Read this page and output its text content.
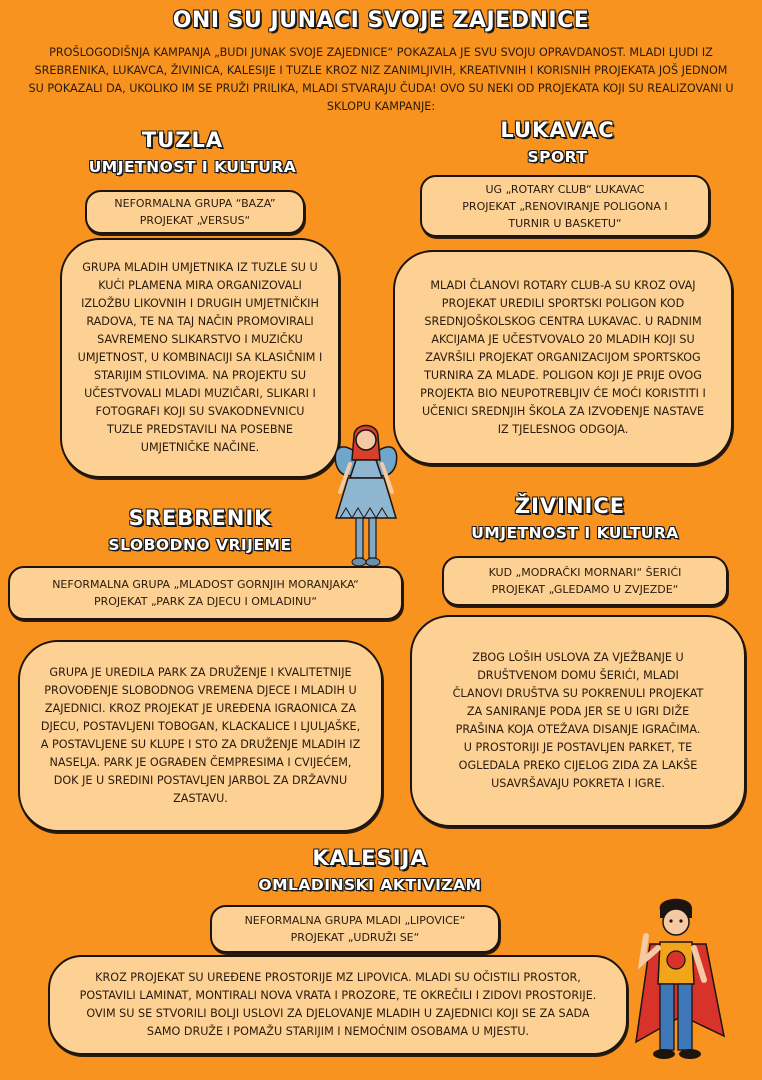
ONI SU JUNACI SVOJE ZAJEDNICE
PROŠLOGODIŠNJA KAMPANJA „BUDI JUNAK SVOJE ZAJEDNICE“ POKAZALA JE SVU SVOJU OPRAVDANOST. MLADI LJUDI IZ SREBRENIKA, LUKAVCA, ŽIVINICA, KALESIJE I TUZLE KROZ NIZ ZANIMLJIVIH, KREATIVNIH I KORISNIH PROJEKATA JOŠ JEDNOM SU POKAZALI DA, UKOLIKO IM SE PRUŽI PRILIKA, MLADI STVARAJU ČUDA! OVO SU NEKI OD PROJEKATA KOJI SU REALIZOVANI U SKLOPU KAMPANJE:
TUZLA
UMJETNOST I KULTURA
NEFORMALNA GRUPA “BAZA”
PROJEKAT „VERSUS“
GRUPA MLADIH UMJETNIKA IZ TUZLE SU U KUĆI PLAMENA MIRA ORGANIZOVALI IZLOŽBU LIKOVNIH I DRUGIH UMJETNIČKIH RADOVA, TE NA TAJ NAČIN PROMOVIRALI SAVREMENO SLIKARSTVO I MUZIČKU UMJETNOST, U KOMBINACIJI SA KLASIČNIM I STARIJIM STILOVIMA. NA PROJEKTU SU UČESTVOVALI MLADI MUZIČARI, SLIKARI I FOTOGRAFI KOJI SU SVAKODNEVNICU TUZLE PREDSTAVILI NA POSEBNE UMJETNIČKE NAČINE.
LUKAVAC
SPORT
UG „ROTARY CLUB“ LUKAVAC
PROJEKAT „RENOVIRANJE POLIGONA I TURNIR U BASKETU“
MLADI ČLANOVI ROTARY CLUB-A SU KROZ OVAJ PROJEKAT UREDILI SPORTSKI POLIGON KOD SREDNJOŠKOLSKOG CENTRA LUKAVAC. U RADNIM AKCIJAMA JE UČESTVOVALO 20 MLADIH KOJI SU ZAVRŠILI PROJEKAT ORGANIZACIJOM SPORTSKOG TURNIRA ZA MLADE. POLIGON KOJI JE PRIJE OVOG PROJEKTA BIO NEUPOTREBLJIV ĆE MOĆI KORISTITI I UČENICI SREDNJIH ŠKOLA ZA IZVOĐENJE NASTAVE IZ TJELESNOG ODGOJA.
SREBRENIK
SLOBODNO VRIJEME
NEFORMALNA GRUPA „MLADOST GORNJIH MORANJAKA“
PROJEKAT „PARK ZA DJECU I OMLADINU“
GRUPA JE UREDILA PARK ZA DRUŽENJE I KVALITETNIJE PROVOĐENJE SLOBODNOG VREMENA DJECE I MLADIH U ZAJEDNICI. KROZ PROJEKAT JE UREĐENA IGRAONICA ZA DJECU, POSTAVLJENI TOBOGAN, KLACKALICE I LJULJAŠKE, A POSTAVLJENE SU KLUPE I STO ZA DRUŽENJE MLADIH IZ NASELJA. PARK JE OGRAĐEN ČEMPRESIMA I CVIJEĆEM, DOK JE U SREDINI POSTAVLJEN JARBOL ZA DRŽAVNU ZASTAVU.
ŽIVINICE
UMJETNOST I KULTURA
KUD „MODRAČKI MORNARI“ ŠERIĆI
PROJEKAT „GLEDAMO U ZVJEZDE“
ZBOG LOŠIH USLOVA ZA VJEŽBANJE U DRUŠTVENOM DOMU ŠERIĆI, MLADI ČLANOVI DRUŠTVA SU POKRENULI PROJEKAT ZA SANIRANJE PODA JER SE U IGRI DIŽE PRAŠINA KOJA OTEŽAVA DISANJE IGRAČIMA. U PROSTORIJI JE POSTAVLJEN PARKET, TE OGLEDALA PREKO CIJELOG ZIDA ZA LAKŠE USAVRŠAVAJU POKRETA I IGRE.
KALESIJA
OMLADINSKI AKTIVIZAM
NEFORMALNA GRUPA MLADI „LIPOVICE“
PROJEKAT „UDRUŽI SE“
KROZ PROJEKAT SU UREĐENE PROSTORIJE MZ LIPOVICA. MLADI SU OČISTILI PROSTOR, POSTAVILI LAMINAT, MONTIRALI NOVA VRATA I PROZORE, TE OKREČILI I ZIDOVI PROSTORIJE. OVIM SU SE STVORILI BOLJI USLOVI ZA DJELOVANJE MLADIH U ZAJEDNICI KOJI SE ZA SADA SAMO DRUŽE I POMAŽU STARIJIM I NEMOĆNIM OSOBAMA U MJESTU.
